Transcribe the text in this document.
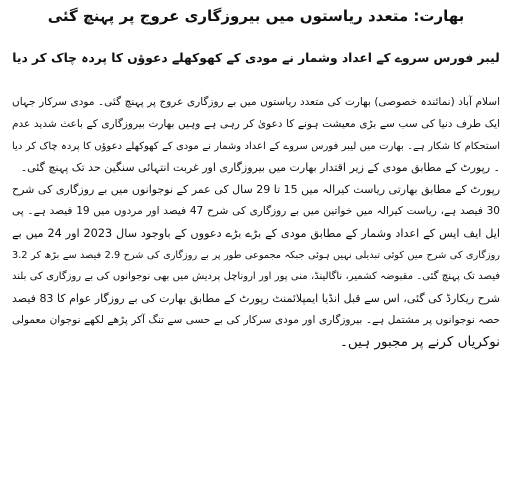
بھارت: متعدد ریاستوں میں بیروزگاری عروج پر پہنچ گئی
لیبر فورس سروے کے اعداد وشمار نے مودی کے کھوکھلے دعوؤں کا پردہ چاک کر دیا
اسلام آباد (نمائندہ خصوصی) بھارت کی متعدد ریاستوں میں بے روزگاری عروج پر پہنچ گئی۔ مودی سرکار جہاں
ایک طرف دنیا کی سب سے بڑی معیشت ہونے کا دعویٰ کر رہی ہے وہیں بھارت بیروزگاری کے باعث شدید عدم
استحکام کا شکار ہے۔ بھارت میں لیبر فورس سروے کے اعداد وشمار نے مودی کے کھوکھلے دعوؤں کا پردہ چاک کر دیا
۔ رپورٹ کے مطابق مودی کے زیر اقتدار بھارت میں بیروزگاری اور غربت انتہائی سنگین حد تک پہنچ گئی۔
رپورٹ کے مطابق بھارتی ریاست کیرالہ میں 15 تا 29 سال کی عمر کے نوجوانوں میں بے روزگاری کی شرح
30 فیصد ہے، ریاست کیرالہ میں خواتین میں بے روزگاری کی شرح 47 فیصد اور مردوں میں 19 فیصد ہے۔ پی
ایل ایف ایس کے اعداد وشمار کے مطابق مودی کے بڑے بڑے دعووں کے باوجود سال 2023 اور 24 میں بے
روزگاری کی شرح میں کوئی تبدیلی نہیں ہوئی جبکہ مجموعی طور پر بے روزگاری کی شرح 2.9 فیصد سے بڑھ کر 3.2
فیصد تک پہنچ گئی۔ مقبوضہ کشمیر، ناگالینڈ، منی پور اور اروناچل پردیش میں بھی نوجوانوں کی بے روزگاری کی بلند
شرح ریکارڈ کی گئی، اس سے قبل انڈیا ایمپلائمنٹ رپورٹ کے مطابق بھارت کی بے روزگار عوام کا 83 فیصد
حصہ نوجوانوں پر مشتمل ہے۔ بیروزگاری اور مودی سرکار کی بے حسی سے تنگ آکر پڑھے لکھے نوجوان معمولی
نوکریاں کرنے پر مجبور ہیں۔
